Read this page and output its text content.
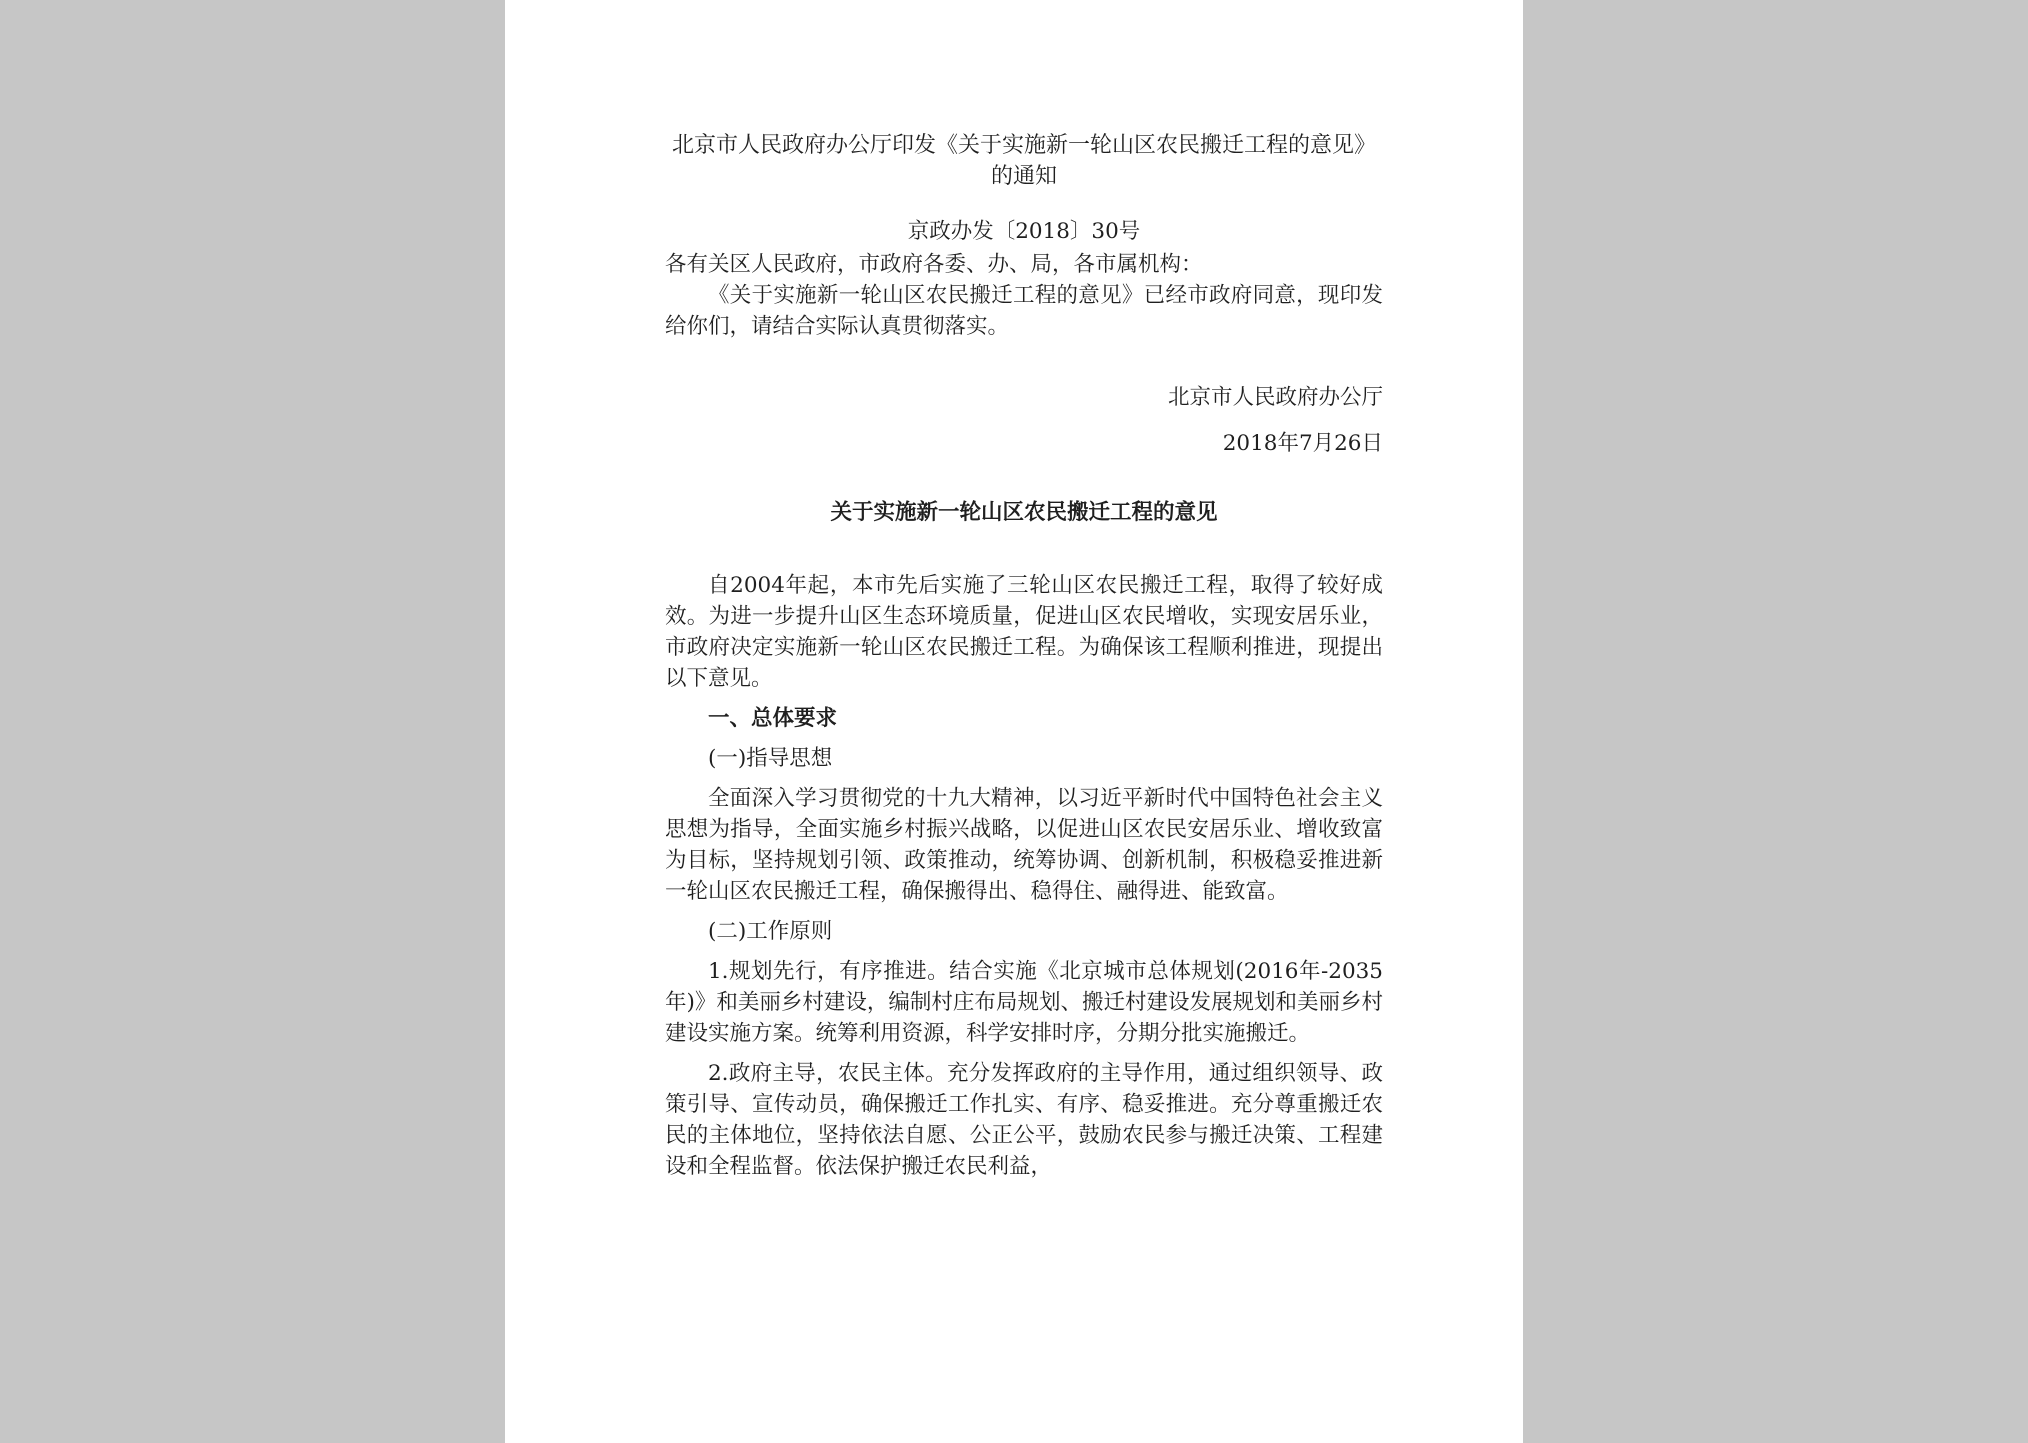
北京市人民政府办公厅印发《关于实施新一轮山区农民搬迁工程的意见》的通知

京政办发〔2018〕30号
各有关区人民政府，市政府各委、办、局，各市属机构：

《关于实施新一轮山区农民搬迁工程的意见》已经市政府同意，现印发给你们，请结合实际认真贯彻落实。

北京市人民政府办公厅
2018年7月26日
关于实施新一轮山区农民搬迁工程的意见

自2004年起，本市先后实施了三轮山区农民搬迁工程，取得了较好成效。为进一步提升山区生态环境质量，促进山区农民增收，实现安居乐业，市政府决定实施新一轮山区农民搬迁工程。为确保该工程顺利推进，现提出以下意见。

一、总体要求

(一)指导思想

全面深入学习贯彻党的十九大精神，以习近平新时代中国特色社会主义思想为指导，全面实施乡村振兴战略，以促进山区农民安居乐业、增收致富为目标，坚持规划引领、政策推动，统筹协调、创新机制，积极稳妥推进新一轮山区农民搬迁工程，确保搬得出、稳得住、融得进、能致富。

(二)工作原则

1.规划先行，有序推进。结合实施《北京城市总体规划(2016年-2035年)》和美丽乡村建设，编制村庄布局规划、搬迁村建设发展规划和美丽乡村建设实施方案。统筹利用资源，科学安排时序，分期分批实施搬迁。

2.政府主导，农民主体。充分发挥政府的主导作用，通过组织领导、政策引导、宣传动员，确保搬迁工作扎实、有序、稳妥推进。充分尊重搬迁农民的主体地位，坚持依法自愿、公正公平，鼓励农民参与搬迁决策、工程建设和全程监督。依法保护搬迁农民利益，
